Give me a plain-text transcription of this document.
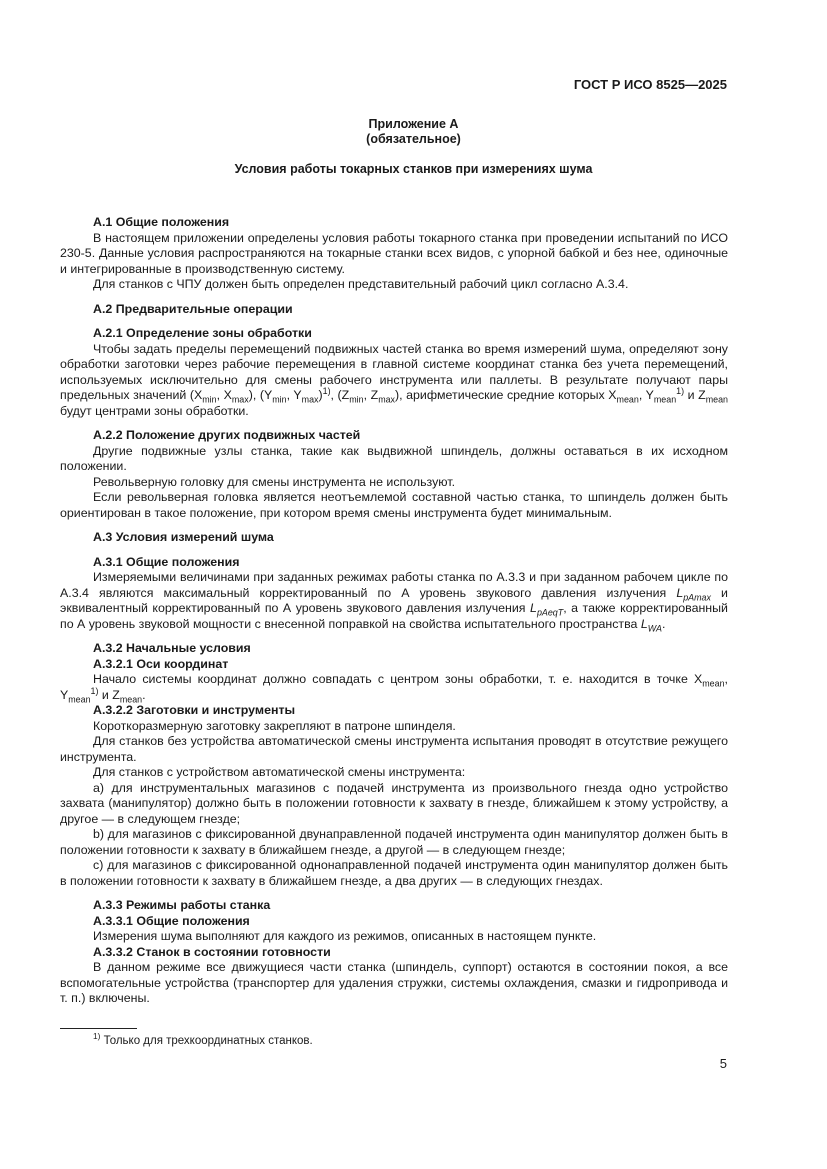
ГОСТ Р ИСО 8525—2025
Приложение А
(обязательное)
Условия работы токарных станков при измерениях шума
А.1 Общие положения

В настоящем приложении определены условия работы токарного станка при проведении испытаний по ИСО 230-5. Данные условия распространяются на токарные станки всех видов, с упорной бабкой и без нее, одиночные и интегрированные в производственную систему.

Для станков с ЧПУ должен быть определен представительный рабочий цикл согласно А.3.4.

А.2 Предварительные операции
А.2.1 Определение зоны обработки

Чтобы задать пределы перемещений подвижных частей станка во время измерений шума, определяют зону обработки заготовки через рабочие перемещения в главной системе координат станка без учета перемещений, используемых исключительно для смены рабочего инструмента или паллеты. В результате получают пары предельных значений ($X_{min}$, $X_{max}$), ($Y_{min}$, $Y_{max})^{1)}$, ($Z_{min}$, $Z_{max}$), арифметические средние которых $X_{mean}$, $Y_{mean}^{1)}$ и $Z_{mean}$ будут центрами зоны обработки.

А.2.2 Положение других подвижных частей

Другие подвижные узлы станка, такие как выдвижной шпиндель, должны оставаться в их исходном положении.

Револьверную головку для смены инструмента не используют.

Если револьверная головка является неотъемлемой составной частью станка, то шпиндель должен быть ориентирован в такое положение, при котором время смены инструмента будет минимальным.

А.3 Условия измерений шума
А.3.1 Общие положения

Измеряемыми величинами при заданных режимах работы станка по А.3.3 и при заданном рабочем цикле по А.3.4 являются максимальный корректированный по А уровень звукового давления излучения $L_{pAmax}$ и эквивалентный корректированный по А уровень звукового давления излучения $L_{pAeqT}$, а также корректированный по А уровень звуковой мощности с внесенной поправкой на свойства испытательного пространства $L_{WA}$.

А.3.2 Начальные условия
А.3.2.1 Оси координат

Начало системы координат должно совпадать с центром зоны обработки, т. е. находится в точке $X_{mean}$, $Y_{mean}^{1)}$ и $Z_{mean}$.

А.3.2.2 Заготовки и инструменты

Короткоразмерную заготовку закрепляют в патроне шпинделя.

Для станков без устройства автоматической смены инструмента испытания проводят в отсутствие режущего инструмента.

Для станков с устройством автоматической смены инструмента:

а) для инструментальных магазинов с подачей инструмента из произвольного гнезда одно устройство захвата (манипулятор) должно быть в положении готовности к захвату в гнезде, ближайшем к этому устройству, а другое — в следующем гнезде;

b) для магазинов с фиксированной двунаправленной подачей инструмента один манипулятор должен быть в положении готовности к захвату в ближайшем гнезде, а другой — в следующем гнезде;

с) для магазинов с фиксированной однонаправленной подачей инструмента один манипулятор должен быть в положении готовности к захвату в ближайшем гнезде, а два других — в следующих гнездах.

А.3.3 Режимы работы станка
А.3.3.1 Общие положения

Измерения шума выполняют для каждого из режимов, описанных в настоящем пункте.

А.3.3.2 Станок в состоянии готовности

В данном режиме все движущиеся части станка (шпиндель, суппорт) остаются в состоянии покоя, а все вспомогательные устройства (транспортер для удаления стружки, системы охлаждения, смазки и гидропривода и т. п.) включены.

$^{1)}$ Только для трехкоординатных станков.
5
